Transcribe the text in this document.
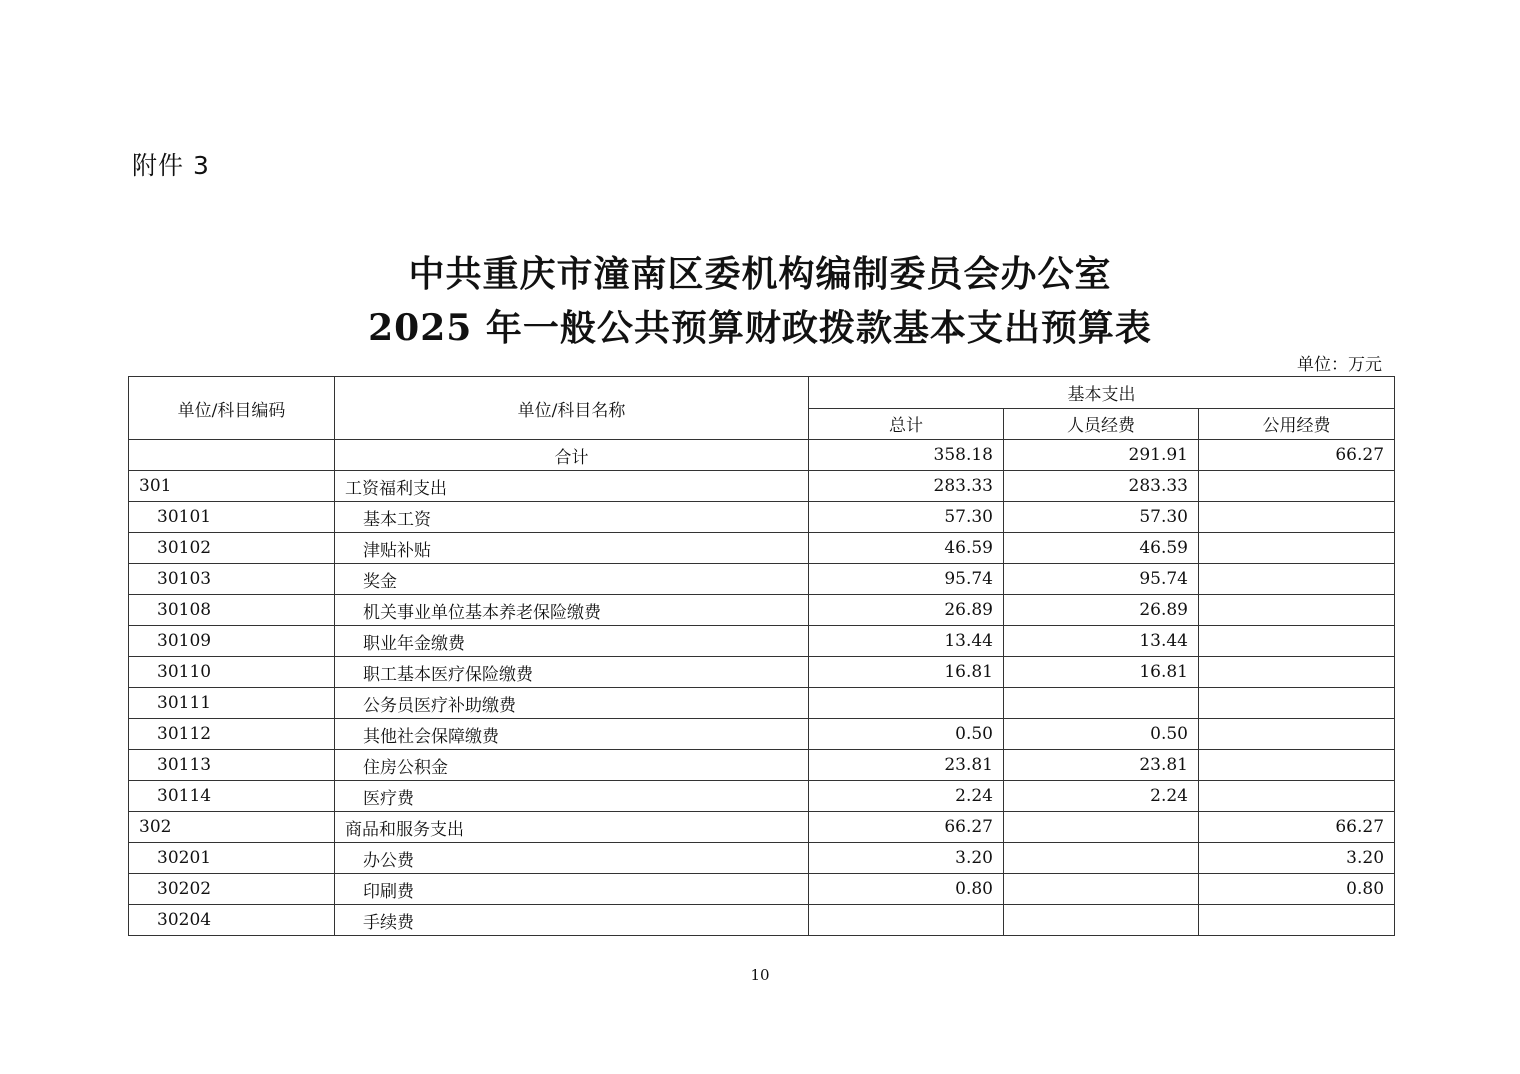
附件 3
中共重庆市潼南区委机构编制委员会办公室
2025 年一般公共预算财政拨款基本支出预算表
单位：万元
单位/科目编码	单位/科目名称	基本支出		
		总计	人员经费	公用经费
	合计	358.18	291.91	66.27
301	工资福利支出	283.33	283.33	
30101	基本工资	57.30	57.30	
30102	津贴补贴	46.59	46.59	
30103	奖金	95.74	95.74	
30108	机关事业单位基本养老保险缴费	26.89	26.89	
30109	职业年金缴费	13.44	13.44	
30110	职工基本医疗保险缴费	16.81	16.81	
30111	公务员医疗补助缴费			
30112	其他社会保障缴费	0.50	0.50	
30113	住房公积金	23.81	23.81	
30114	医疗费	2.24	2.24	
302	商品和服务支出	66.27		66.27
30201	办公费	3.20		3.20
30202	印刷费	0.80		0.80
30204	手续费			
10
